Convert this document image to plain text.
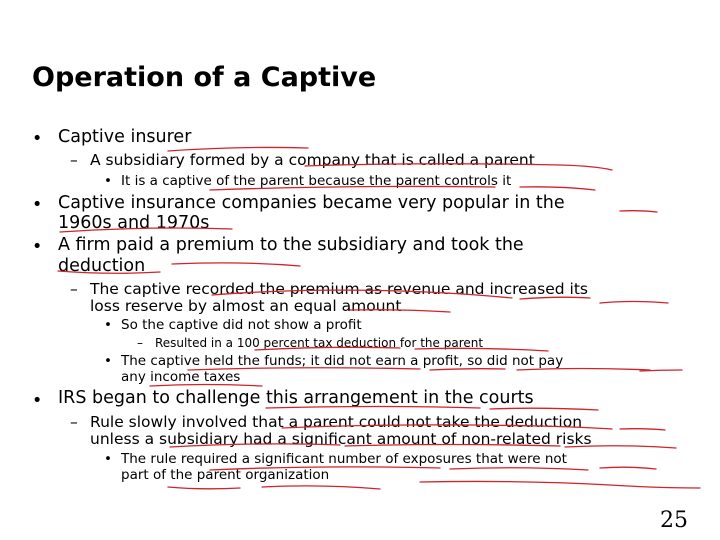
Operation of a Captive
• Captive insurer
– A subsidiary formed by a company that is called a parent
• It is a captive of the parent because the parent controls it
• Captive insurance companies became very popular in the
1960s and 1970s
• A firm paid a premium to the subsidiary and took the
deduction
– The captive recorded the premium as revenue and increased its
loss reserve by almost an equal amount
• So the captive did not show a profit
– Resulted in a 100 percent tax deduction for the parent
• The captive held the funds; it did not earn a profit, so did not pay
any income taxes
• IRS began to challenge this arrangement in the courts
– Rule slowly involved that a parent could not take the deduction
unless a subsidiary had a significant amount of non-related risks
• The rule required a significant number of exposures that were not
part of the parent organization
25
